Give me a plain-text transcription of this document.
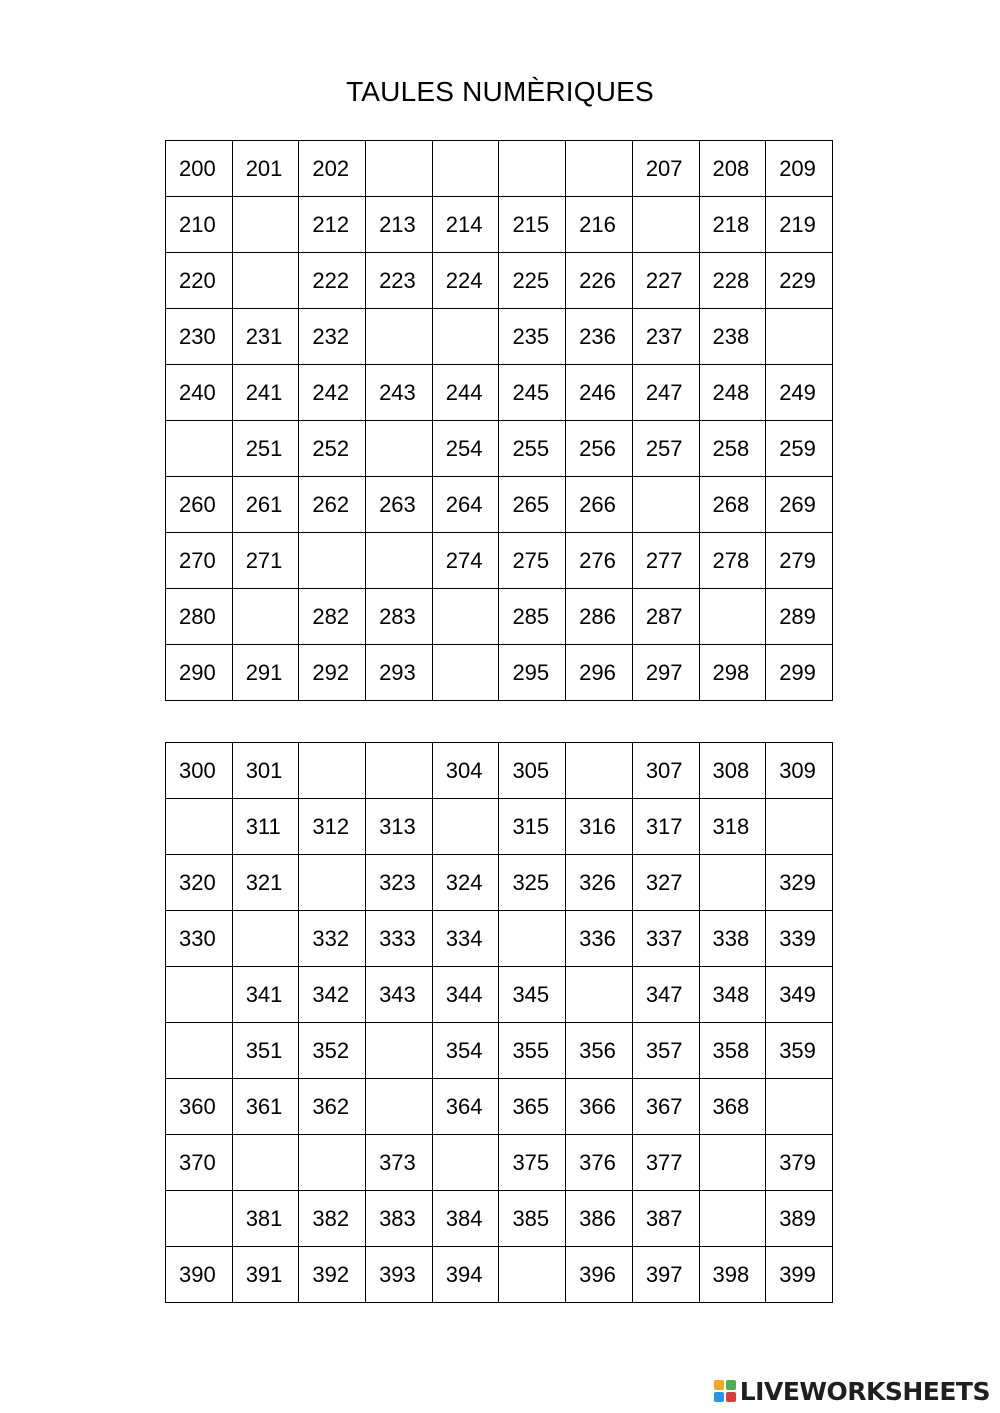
TAULES NUMÈRIQUES
200	201	202					207	208	209
210		212	213	214	215	216		218	219
220		222	223	224	225	226	227	228	229
230	231	232			235	236	237	238	
240	241	242	243	244	245	246	247	248	249
	251	252		254	255	256	257	258	259
260	261	262	263	264	265	266		268	269
270	271			274	275	276	277	278	279
280		282	283		285	286	287		289
290	291	292	293		295	296	297	298	299
300	301			304	305		307	308	309
	311	312	313		315	316	317	318	
320	321		323	324	325	326	327		329
330		332	333	334		336	337	338	339
	341	342	343	344	345		347	348	349
	351	352		354	355	356	357	358	359
360	361	362		364	365	366	367	368	
370			373		375	376	377		379
	381	382	383	384	385	386	387		389
390	391	392	393	394		396	397	398	399
LIVEWORKSHEETS
